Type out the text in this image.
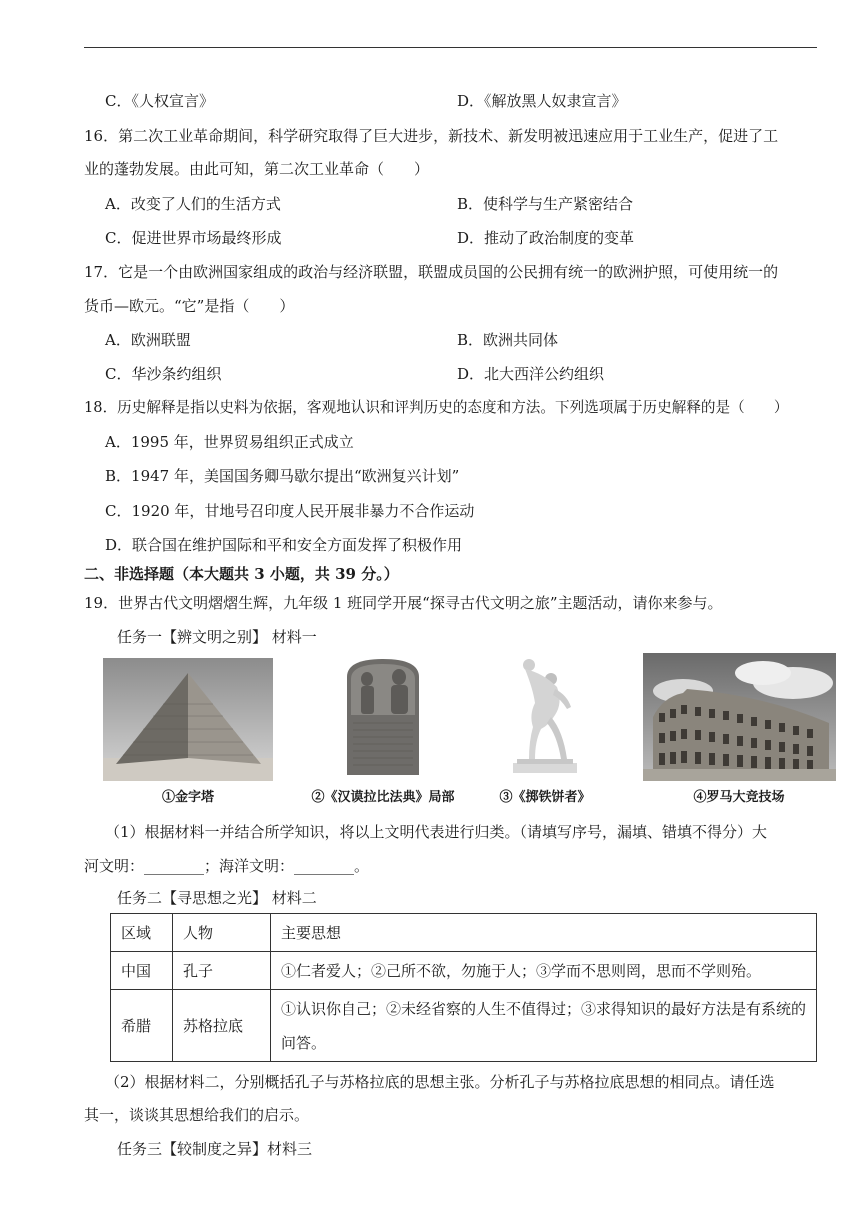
C．《人权宣言》	D．《解放黑人奴隶宣言》
16．第二次工业革命期间，科学研究取得了巨大进步，新技术、新发明被迅速应用于工业生产，促进了工
业的蓬勃发展。由此可知，第二次工业革命（　　）
A．改变了人们的生活方式	B．使科学与生产紧密结合
C．促进世界市场最终形成	D．推动了政治制度的变革
17．它是一个由欧洲国家组成的政治与经济联盟，联盟成员国的公民拥有统一的欧洲护照，可使用统一的
货币—欧元。“它”是指（　　）
A．欧洲联盟	B．欧洲共同体
C．华沙条约组织	D．北大西洋公约组织
18．历史解释是指以史料为依据，客观地认识和评判历史的态度和方法。下列选项属于历史解释的是（　　）
A．1995 年，世界贸易组织正式成立
B．1947 年，美国国务卿马歇尔提出“欧洲复兴计划”
C．1920 年，甘地号召印度人民开展非暴力不合作运动
D．联合国在维护国际和平和安全方面发挥了积极作用
二、非选择题（本大题共 3 小题，共 39 分。）
19．世界古代文明熠熠生辉，九年级 1 班同学开展“探寻古代文明之旅”主题活动，请你来参与。
任务一【辨文明之别】 材料一
①金字塔	②《汉谟拉比法典》局部	③《掷铁饼者》	④罗马大竞技场
（1）根据材料一并结合所学知识，将以上文明代表进行归类。（请填写序号，漏填、错填不得分）大
河文明：________；海洋文明：________。
任务二【寻思想之光】 材料二
区域	人物	主要思想
中国	孔子	①仁者爱人；②己所不欲，勿施于人；③学而不思则罔，思而不学则殆。
希腊	苏格拉底	①认识你自己；②未经省察的人生不值得过；③求得知识的最好方法是有系统的问答。
（2）根据材料二，分别概括孔子与苏格拉底的思想主张。分析孔子与苏格拉底思想的相同点。请任选
其一，谈谈其思想给我们的启示。
任务三【较制度之异】材料三
